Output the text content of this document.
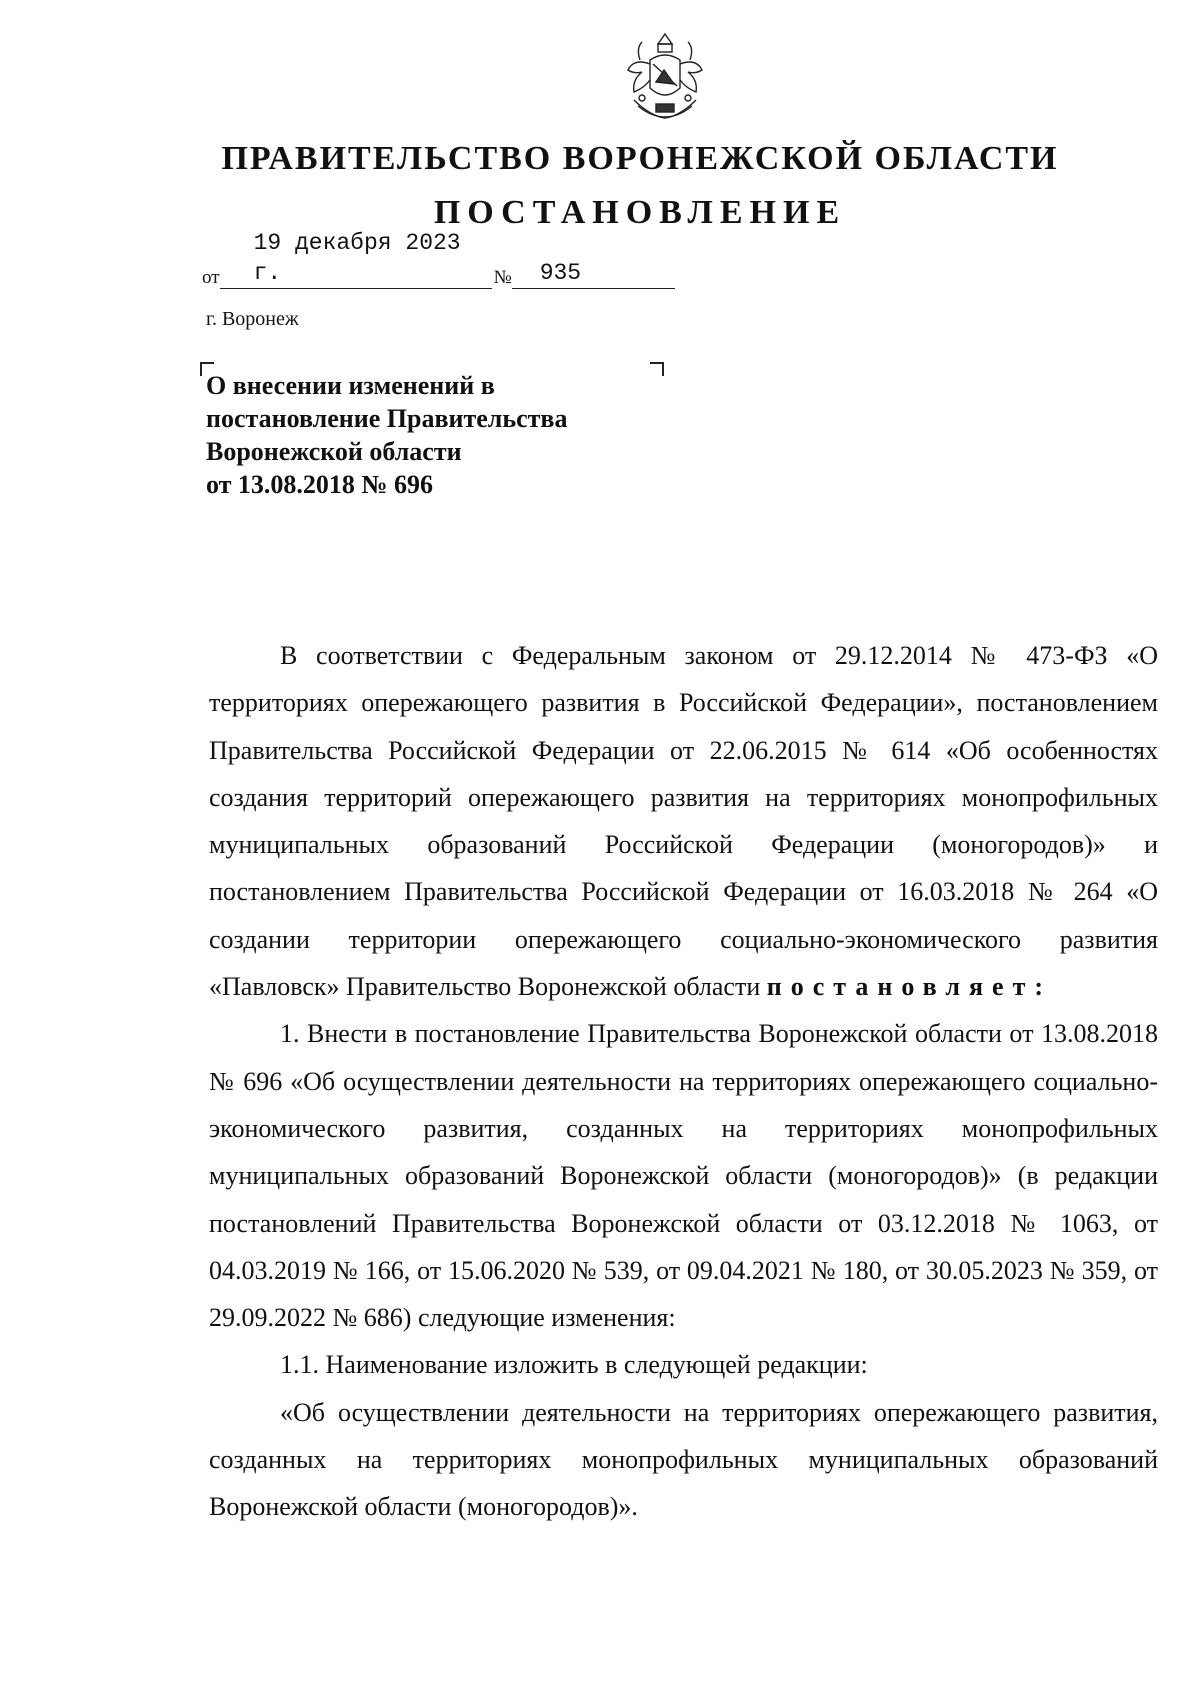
ПРАВИТЕЛЬСТВО ВОРОНЕЖСКОЙ ОБЛАСТИ
ПОСТАНОВЛЕНИЕ
от
19 декабря 2023 г.	№	935
г. Воронеж
О внесении изменений в
постановление Правительства
Воронежской области
от 13.08.2018 № 696

В соответствии с Федеральным законом от 29.12.2014 № 473-ФЗ «О территориях опережающего развития в Российской Федерации», постановлением Правительства Российской Федерации от 22.06.2015 № 614 «Об особенностях создания территорий опережающего развития на территориях монопрофильных муниципальных образований Российской Федерации (моногородов)» и постановлением Правительства Российской Федерации от 16.03.2018 № 264 «О создании территории опережающего социально-экономического развития «Павловск» Правительство Воронежской области постановляет:

1. Внести в постановление Правительства Воронежской области от 13.08.2018 № 696 «Об осуществлении деятельности на территориях опережающего социально-экономического развития, созданных на территориях монопрофильных муниципальных образований Воронежской области (моногородов)» (в редакции постановлений Правительства Воронежской области от 03.12.2018 № 1063, от 04.03.2019 № 166, от 15.06.2020 № 539, от 09.04.2021 № 180, от 30.05.2023 № 359, от 29.09.2022 № 686) следующие изменения:

1.1. Наименование изложить в следующей редакции:

«Об осуществлении деятельности на территориях опережающего развития, созданных на территориях монопрофильных муниципальных образований Воронежской области (моногородов)».
